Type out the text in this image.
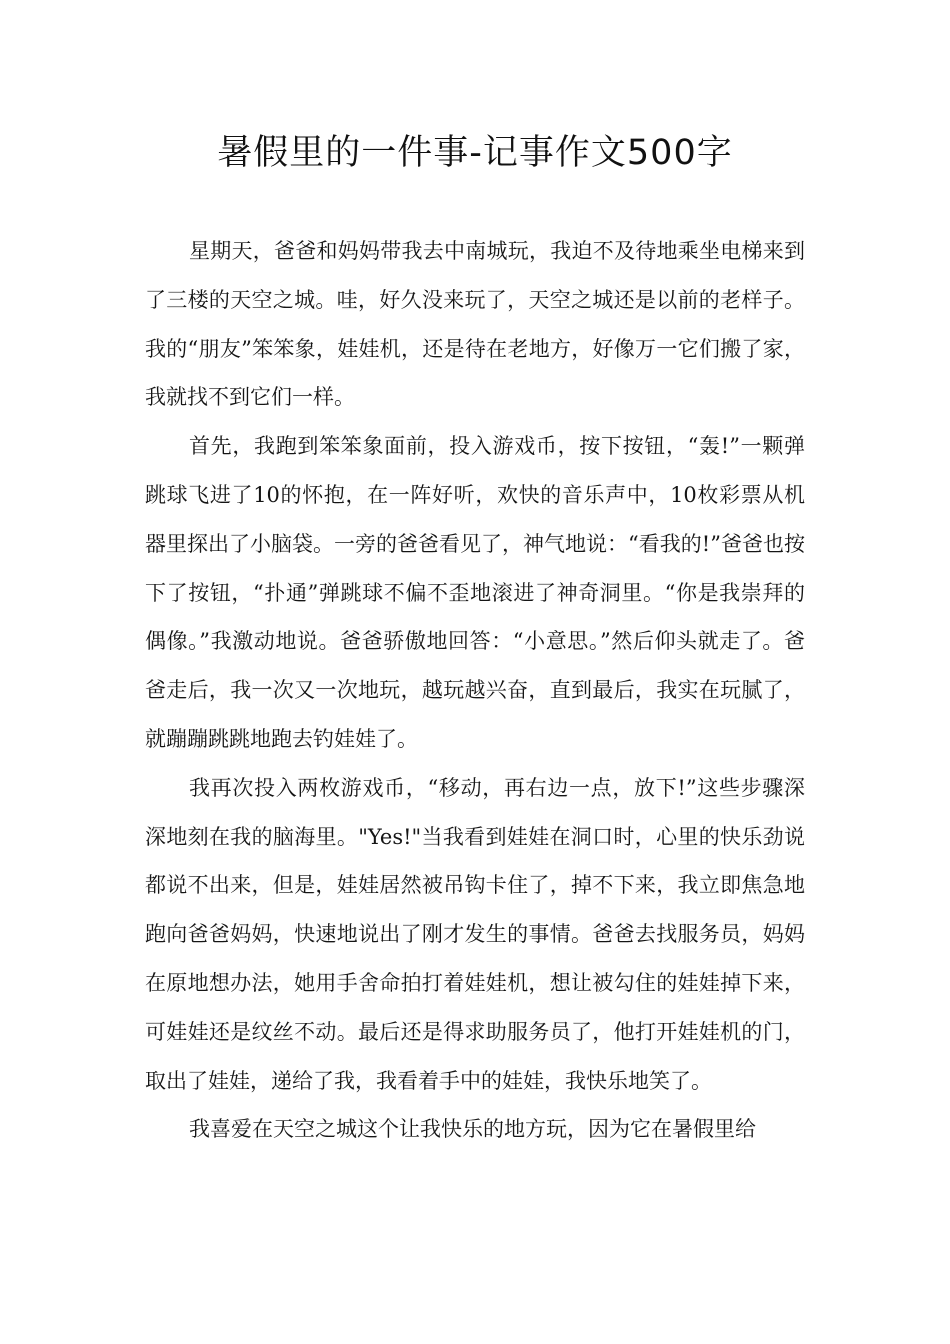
暑假里的一件事-记事作文500字

星期天，爸爸和妈妈带我去中南城玩，我迫不及待地乘坐电梯来到了三楼的天空之城。哇，好久没来玩了，天空之城还是以前的老样子。我的“朋友”笨笨象，娃娃机，还是待在老地方，好像万一它们搬了家，我就找不到它们一样。

首先，我跑到笨笨象面前，投入游戏币，按下按钮，“轰!”一颗弹跳球飞进了10的怀抱，在一阵好听，欢快的音乐声中，10枚彩票从机器里探出了小脑袋。一旁的爸爸看见了，神气地说：“看我的!”爸爸也按下了按钮，“扑通”弹跳球不偏不歪地滚进了神奇洞里。“你是我崇拜的偶像。”我激动地说。爸爸骄傲地回答：“小意思。”然后仰头就走了。爸爸走后，我一次又一次地玩，越玩越兴奋，直到最后，我实在玩腻了，就蹦蹦跳跳地跑去钓娃娃了。

我再次投入两枚游戏币，“移动，再右边一点，放下!”这些步骤深深地刻在我的脑海里。"Yes!"当我看到娃娃在洞口时，心里的快乐劲说都说不出来，但是，娃娃居然被吊钩卡住了，掉不下来，我立即焦急地跑向爸爸妈妈，快速地说出了刚才发生的事情。爸爸去找服务员，妈妈在原地想办法，她用手舍命拍打着娃娃机，想让被勾住的娃娃掉下来，可娃娃还是纹丝不动。最后还是得求助服务员了，他打开娃娃机的门，取出了娃娃，递给了我，我看着手中的娃娃，我快乐地笑了。

我喜爱在天空之城这个让我快乐的地方玩，因为它在暑假里给
